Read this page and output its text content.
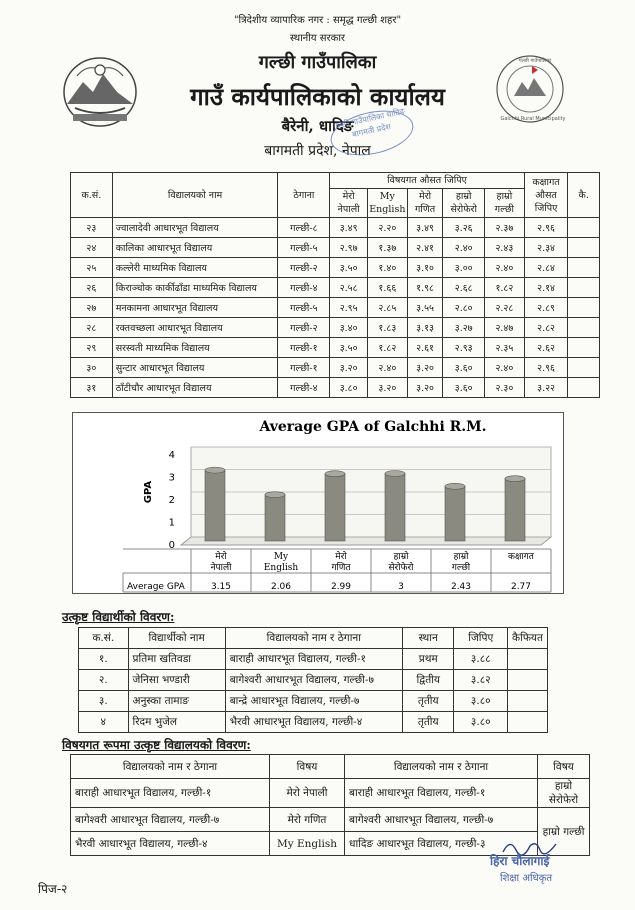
"त्रिदेशीय व्यापारिक नगर : समृद्ध गल्छी शहर"
स्थानीय सरकार
गल्छी गाउँपालिका
गाउँ कार्यपालिकाको कार्यालय
बैरेनी, धादिङ
बागमती प्रदेश, नेपाल
गल्छी गाउँपालिका धादिङ बागमती प्रदेश
गल्छी गाउँपालिका
Galchhi Rural Municipality
क.सं.	विद्यालयको नाम	ठेगाना	विषयगत औसत जिपिए					कक्षागत औसत जिपिए	कै.
			मेरो नेपाली	My English	मेरो गणित	हाम्रो सेरोफेरो	हाम्रो गल्छी		
२३	ज्वालादेवी आधारभूत विद्यालय	गल्छी-८	३.४९	२.२०	३.४९	३.२६	२.३७	२.९६	
२४	कालिका आधारभूत विद्यालय	गल्छी-५	२.९७	१.३७	२.४१	२.४०	२.४३	२.३४	
२५	कल्लेरी माध्यमिक विद्यालय	गल्छी-२	३.५०	१.४०	३.१०	३.००	२.४०	२.८४	
२६	किराञ्चोक कार्कीढाँडा माध्यमिक विद्यालय	गल्छी-४	२.५८	१.६६	१.९८	२.६८	१.८२	२.१४	
२७	मनकामना आधारभूत विद्यालय	गल्छी-५	२.९५	२.८५	३.५५	२.८०	२.२८	२.८९	
२८	रक्तवच्छला आधारभूत विद्यालय	गल्छी-२	३.४०	१.८३	३.१३	३.२७	२.४७	२.८२	
२९	सरस्वती माध्यमिक विद्यालय	गल्छी-१	३.५०	१.८२	२.६१	२.९३	२.३५	२.६२	
३०	सुन्टार आधारभूत विद्यालय	गल्छी-१	३.२०	२.४०	३.२०	३.६०	२.४०	२.९६	
३१	ठाँटीचौर आधारभूत विद्यालय	गल्छी-४	३.८०	३.२०	३.२०	३.६०	२.३०	३.२२	
Average GPA of Galchhi R.M.
0
1
2
3
4
GPA
मेरो
नेपाली
3.15
My
English
2.06
मेरो
गणित
2.99
हाम्रो
सेरोफेरो
3
हाम्रो
गल्छी
2.43
कक्षागत
2.77
Average GPA
उत्कृष्ट विद्यार्थीको विवरण:
क.सं.	विद्यार्थीको नाम	विद्यालयको नाम र ठेगाना	स्थान	जिपिए	कैफियत
१.	प्रतिमा खतिवडा	बाराही आधारभूत विद्यालय, गल्छी-१	प्रथम	३.८८	
२.	जेनिसा भण्डारी	बागेश्वरी आधारभूत विद्यालय, गल्छी-७	द्वितीय	३.८२	
३.	अनुस्का तामाङ	बान्द्रे आधारभूत विद्यालय, गल्छी-७	तृतीय	३.८०	
४	रिदम भुजेल	भैरवी आधारभूत विद्यालय, गल्छी-४	तृतीय	३.८०	
विषयगत रूपमा उत्कृष्ट विद्यालयको विवरण:
विद्यालयको नाम र ठेगाना	विषय	विद्यालयको नाम र ठेगाना	विषय
बाराही आधारभूत विद्यालय, गल्छी-१	मेरो नेपाली	बाराही आधारभूत विद्यालय, गल्छी-१	हाम्रो सेरोफेरो
बागेश्वरी आधारभूत विद्यालय, गल्छी-७	मेरो गणित	बागेश्वरी आधारभूत विद्यालय, गल्छी-७	हाम्रो गल्छी
भैरवी आधारभूत विद्यालय, गल्छी-४	My English	धादिङ आधारभूत विद्यालय, गल्छी-३	
हिरा चौलागाई
शिक्षा अधिकृत
पिज-२
